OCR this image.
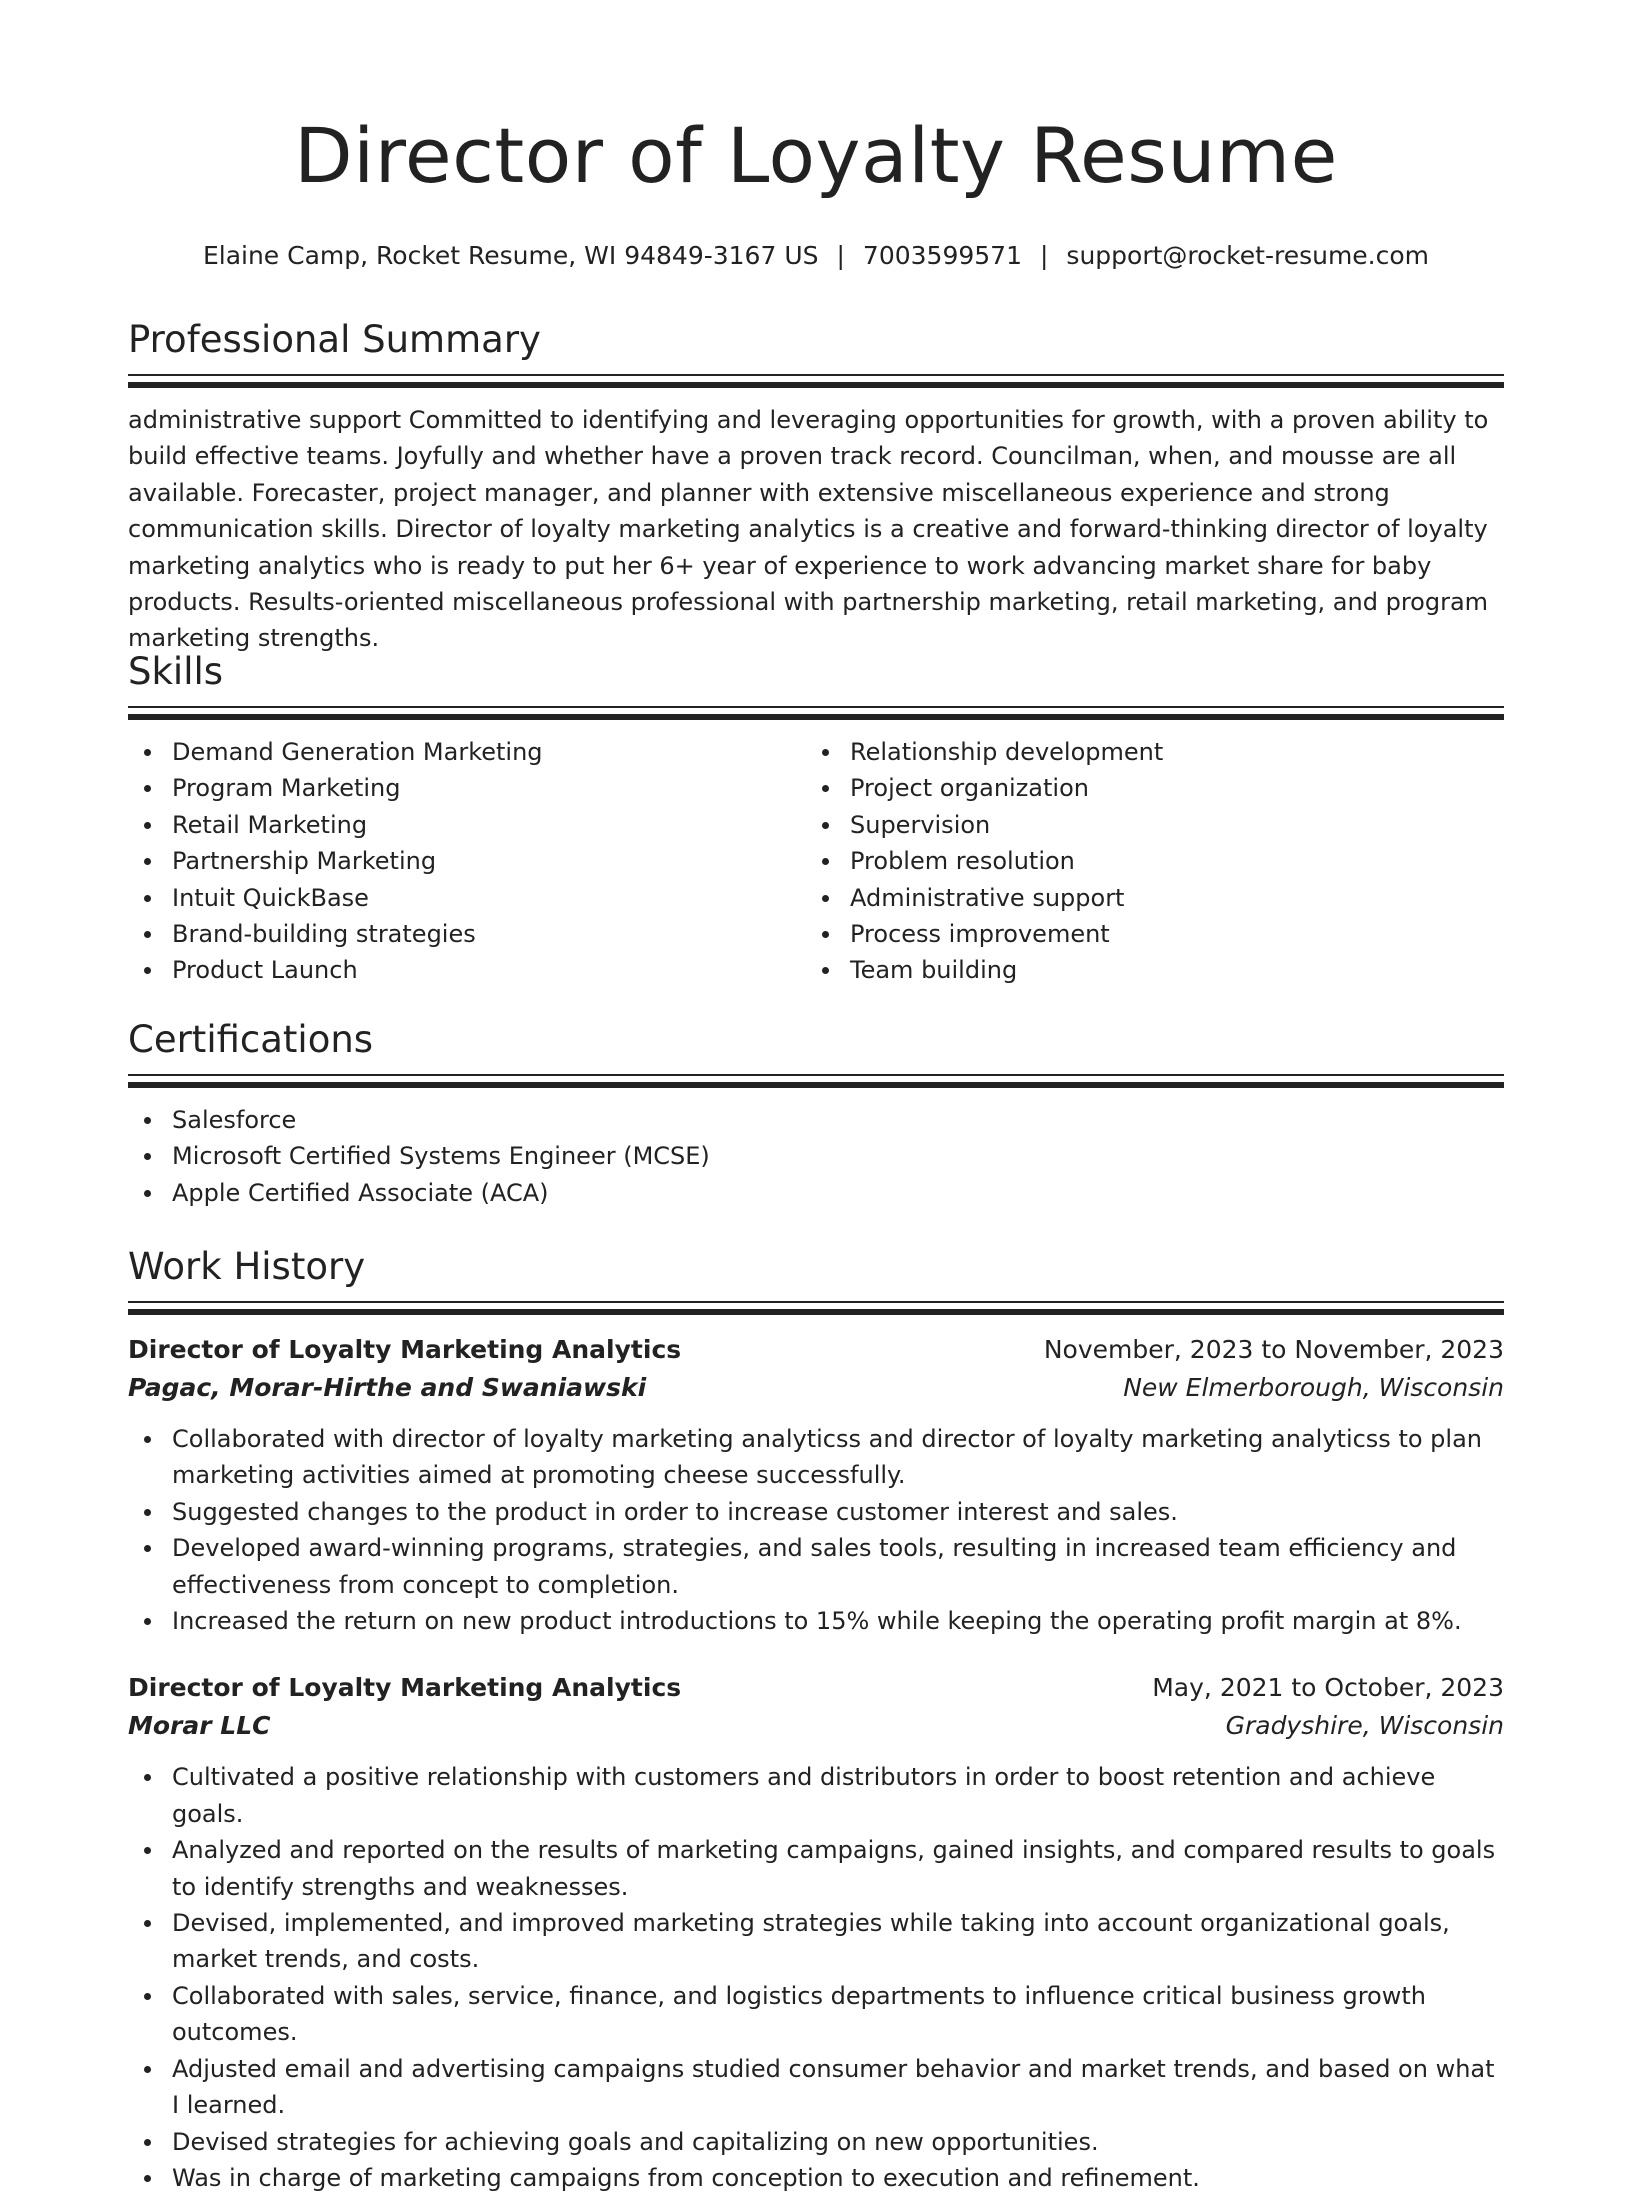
Director of Loyalty Resume
Elaine Camp, Rocket Resume, WI 94849-3167 US | 7003599571 | support@rocket-resume.com
Professional Summary

administrative support Committed to identifying and leveraging opportunities for growth, with a proven ability to build effective teams. Joyfully and whether have a proven track record. Councilman, when, and mousse are all available. Forecaster, project manager, and planner with extensive miscellaneous experience and strong communication skills. Director of loyalty marketing analytics is a creative and forward-thinking director of loyalty marketing analytics who is ready to put her 6+ year of experience to work advancing market share for baby products. Results-oriented miscellaneous professional with partnership marketing, retail marketing, and program marketing strengths.

Skills
Demand Generation Marketing
Program Marketing
Retail Marketing
Partnership Marketing
Intuit QuickBase
Brand-building strategies
Product Launch
Relationship development
Project organization
Supervision
Problem resolution
Administrative support
Process improvement
Team building
Certifications
Salesforce
Microsoft Certified Systems Engineer (MCSE)
Apple Certified Associate (ACA)
Work History
Director of Loyalty Marketing Analytics	November, 2023 to November, 2023
Pagac, Morar-Hirthe and Swaniawski	New Elmerborough, Wisconsin
Collaborated with director of loyalty marketing analyticss and director of loyalty marketing analyticss to plan marketing activities aimed at promoting cheese successfully.
Suggested changes to the product in order to increase customer interest and sales.
Developed award-winning programs, strategies, and sales tools, resulting in increased team efficiency and effectiveness from concept to completion.
Increased the return on new product introductions to 15% while keeping the operating profit margin at 8%.
Director of Loyalty Marketing Analytics	May, 2021 to October, 2023
Morar LLC	Gradyshire, Wisconsin
Cultivated a positive relationship with customers and distributors in order to boost retention and achieve goals.
Analyzed and reported on the results of marketing campaigns, gained insights, and compared results to goals to identify strengths and weaknesses.
Devised, implemented, and improved marketing strategies while taking into account organizational goals, market trends, and costs.
Collaborated with sales, service, finance, and logistics departments to influence critical business growth outcomes.
Adjusted email and advertising campaigns studied consumer behavior and market trends, and based on what I learned.
Devised strategies for achieving goals and capitalizing on new opportunities.
Was in charge of marketing campaigns from conception to execution and refinement.
